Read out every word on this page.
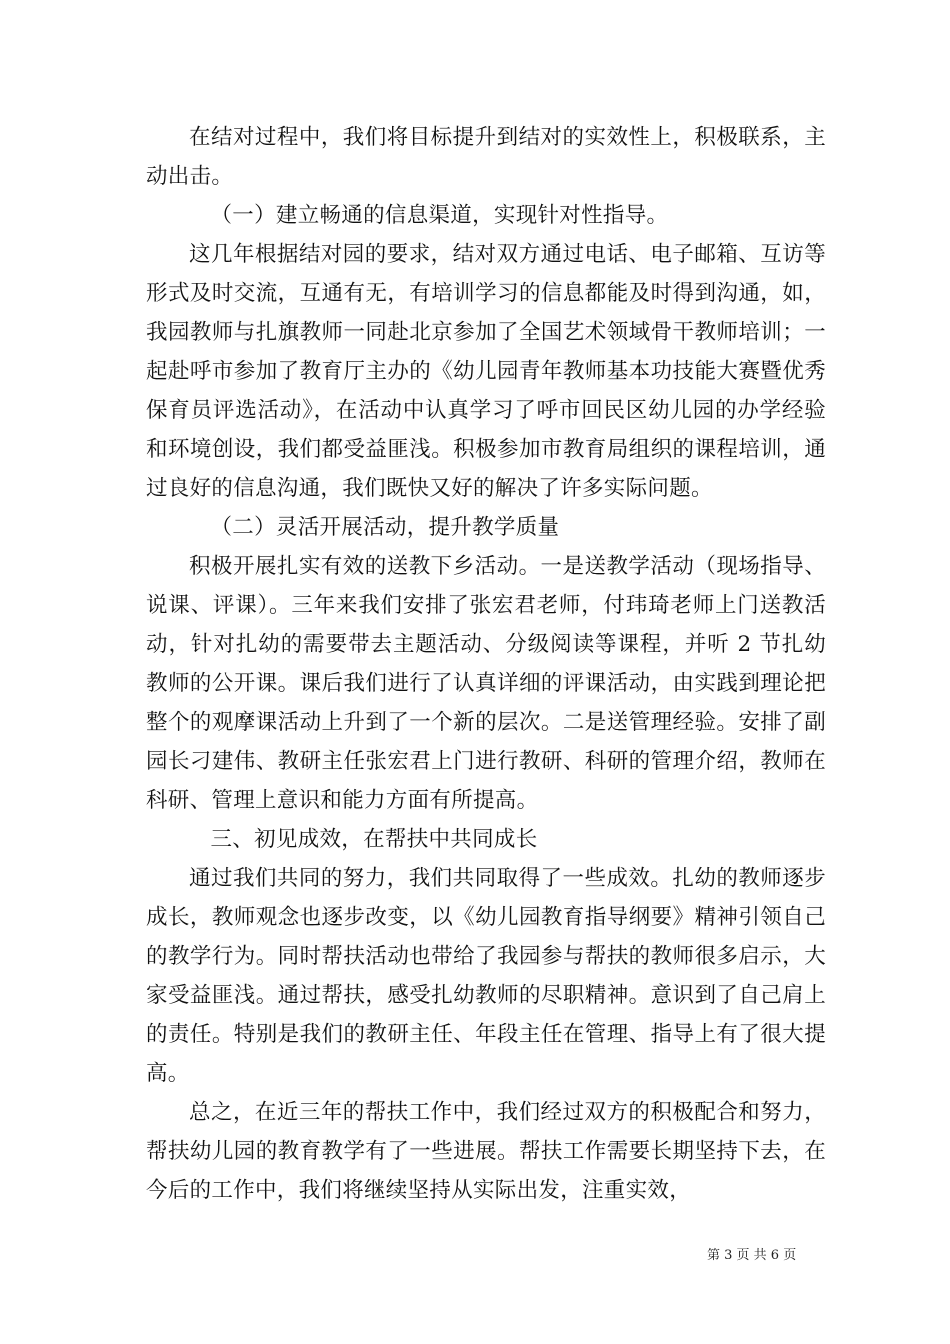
在结对过程中，我们将目标提升到结对的实效性上，积极联系，主动出击。

（一）建立畅通的信息渠道，实现针对性指导。

这几年根据结对园的要求，结对双方通过电话、电子邮箱、互访等形式及时交流，互通有无，有培训学习的信息都能及时得到沟通，如，我园教师与扎旗教师一同赴北京参加了全国艺术领域骨干教师培训；一起赴呼市参加了教育厅主办的《幼儿园青年教师基本功技能大赛暨优秀保育员评选活动》，在活动中认真学习了呼市回民区幼儿园的办学经验和环境创设，我们都受益匪浅。积极参加市教育局组织的课程培训，通过良好的信息沟通，我们既快又好的解决了许多实际问题。

（二）灵活开展活动，提升教学质量

积极开展扎实有效的送教下乡活动。一是送教学活动（现场指导、说课、评课）。三年来我们安排了张宏君老师，付玮琦老师上门送教活动，针对扎幼的需要带去主题活动、分级阅读等课程，并听 2 节扎幼教师的公开课。课后我们进行了认真详细的评课活动，由实践到理论把整个的观摩课活动上升到了一个新的层次。二是送管理经验。安排了副园长刁建伟、教研主任张宏君上门进行教研、科研的管理介绍，教师在科研、管理上意识和能力方面有所提高。

三、初见成效，在帮扶中共同成长

通过我们共同的努力，我们共同取得了一些成效。扎幼的教师逐步成长，教师观念也逐步改变，以《幼儿园教育指导纲要》精神引领自己的教学行为。同时帮扶活动也带给了我园参与帮扶的教师很多启示，大家受益匪浅。通过帮扶，感受扎幼教师的尽职精神。意识到了自己肩上的责任。特别是我们的教研主任、年段主任在管理、指导上有了很大提高。

总之，在近三年的帮扶工作中，我们经过双方的积极配合和努力，帮扶幼儿园的教育教学有了一些进展。帮扶工作需要长期坚持下去，在今后的工作中，我们将继续坚持从实际出发，注重实效，

第 3 页 共 6 页
